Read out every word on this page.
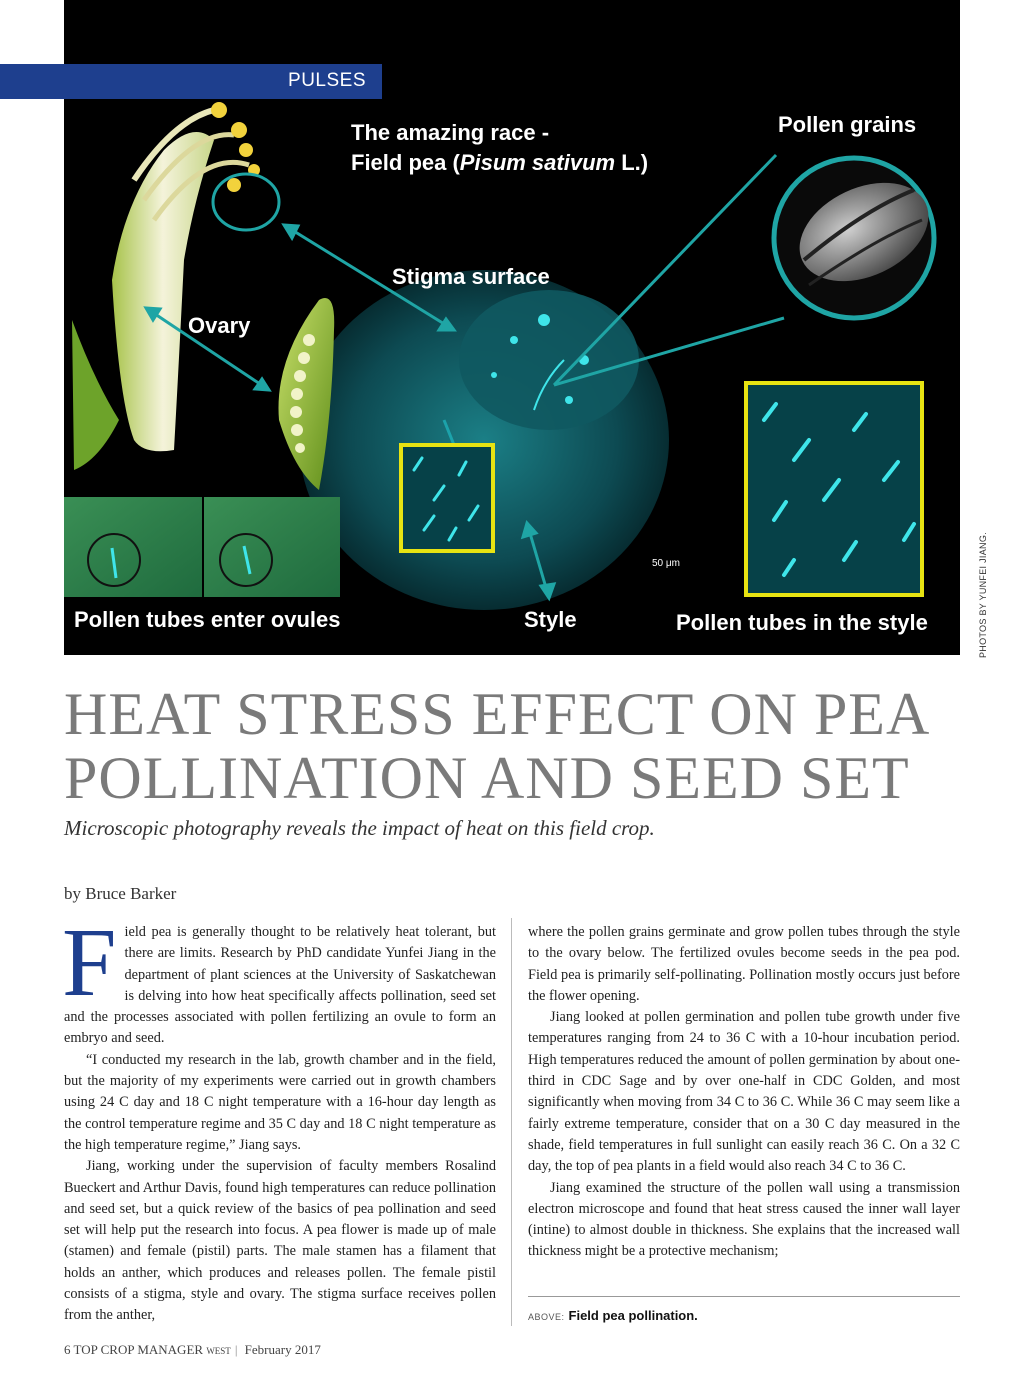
PULSES
The amazing race -
Field pea (Pisum sativum L.)
Pollen grains
Stigma surface
Ovary
Pollen tubes enter ovules	Style	Pollen tubes in the style
50 μm	PHOTOS BY YUNFEI JIANG.
HEAT STRESS EFFECT ON PEA
POLLINATION AND SEED SET
Microscopic photography reveals the impact of heat on this field crop.
by Bruce Barker
F ield pea is generally thought to be relatively heat tolerant, but there are limits. Research by PhD candidate Yunfei Jiang in the department of plant sciences at the University of Saskatchewan is delving into how heat specifically affects pollination, seed set and the processes associated with pollen fertilizing an ovule to form an embryo and seed.

“I conducted my research in the lab, growth chamber and in the field, but the majority of my experiments were carried out in growth chambers using 24 C day and 18 C night temperature with a 16-hour day length as the control temperature regime and 35 C day and 18 C night temperature as the high temperature regime,” Jiang says.

Jiang, working under the supervision of faculty members Rosalind Bueckert and Arthur Davis, found high temperatures can reduce pollination and seed set, but a quick review of the basics of pea pollination and seed set will help put the research into focus. A pea flower is made up of male (stamen) and female (pistil) parts. The male stamen has a filament that holds an anther, which produces and releases pollen. The female pistil consists of a stigma, style and ovary. The stigma surface receives pollen from the anther,

where the pollen grains germinate and grow pollen tubes through the style to the ovary below. The fertilized ovules become seeds in the pea pod. Field pea is primarily self-pollinating. Pollination mostly occurs just before the flower opening.

Jiang looked at pollen germination and pollen tube growth under five temperatures ranging from 24 to 36 C with a 10-hour incubation period. High temperatures reduced the amount of pollen germination by about one-third in CDC Sage and by over one-half in CDC Golden, and most significantly when moving from 34 C to 36 C. While 36 C may seem like a fairly extreme temperature, consider that on a 30 C day measured in the shade, field temperatures in full sunlight can easily reach 36 C. On a 32 C day, the top of pea plants in a field would also reach 34 C to 36 C.

Jiang examined the structure of the pollen wall using a transmission electron microscope and found that heat stress caused the inner wall layer (intine) to almost double in thickness. She explains that the increased wall thickness might be a protective mechanism;

ABOVE: Field pea pollination.
6 TOP CROP MANAGER WEST | February 2017
